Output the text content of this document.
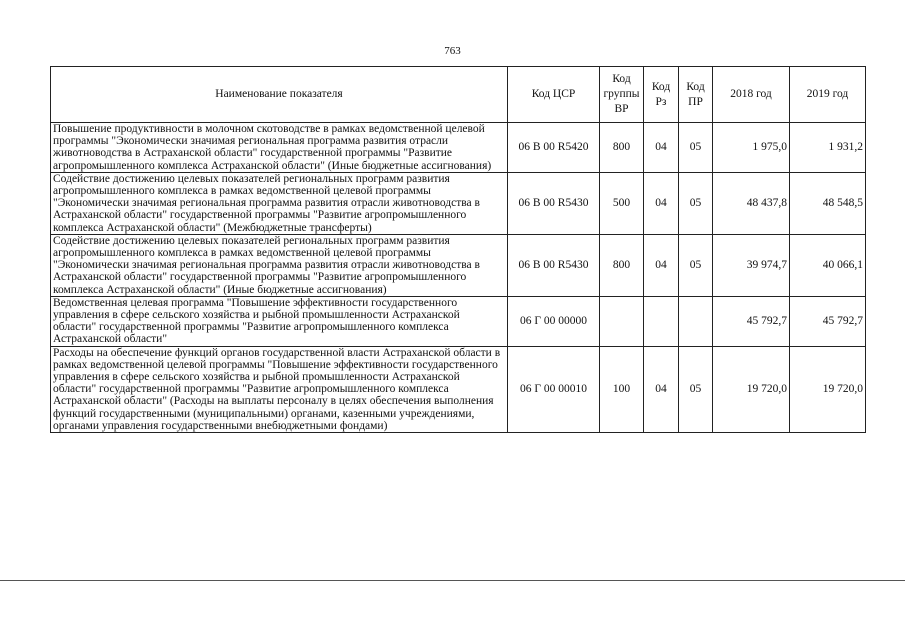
763
Наименование показателя	Код ЦСР	Код группы ВР	Код Рз	Код ПР	2018 год	2019 год
Повышение продуктивности в молочном скотоводстве в рамках ведомственной целевой программы "Экономически значимая региональная программа развития отрасли животноводства в Астраханской области" государственной программы "Развитие агропромышленного комплекса Астраханской области" (Иные бюджетные ассигнования)	06 В 00 R5420	800	04	05	1 975,0	1 931,2
Содействие достижению целевых показателей региональных программ развития агропромышленного комплекса в рамках ведомственной целевой программы "Экономически значимая региональная программа развития отрасли животноводства в Астраханской области" государственной программы "Развитие агропромышленного комплекса Астраханской области" (Межбюджетные трансферты)	06 В 00 R5430	500	04	05	48 437,8	48 548,5
Содействие достижению целевых показателей региональных программ развития агропромышленного комплекса в рамках ведомственной целевой программы "Экономически значимая региональная программа развития отрасли животноводства в Астраханской области" государственной программы "Развитие агропромышленного комплекса Астраханской области" (Иные бюджетные ассигнования)	06 В 00 R5430	800	04	05	39 974,7	40 066,1
Ведомственная целевая программа "Повышение эффективности государственного управления в сфере сельского хозяйства и рыбной промышленности Астраханской области" государственной программы "Развитие агропромышленного комплекса Астраханской области"	06 Г 00 00000				45 792,7	45 792,7
Расходы на обеспечение функций органов государственной власти Астраханской области в рамках ведомственной целевой программы "Повышение эффективности государственного управления в сфере сельского хозяйства и рыбной промышленности Астраханской области" государственной программы "Развитие агропромышленного комплекса Астраханской области" (Расходы на выплаты персоналу в целях обеспечения выполнения функций государственными (муниципальными) органами, казенными учреждениями, органами управления государственными внебюджетными фондами)	06 Г 00 00010	100	04	05	19 720,0	19 720,0
